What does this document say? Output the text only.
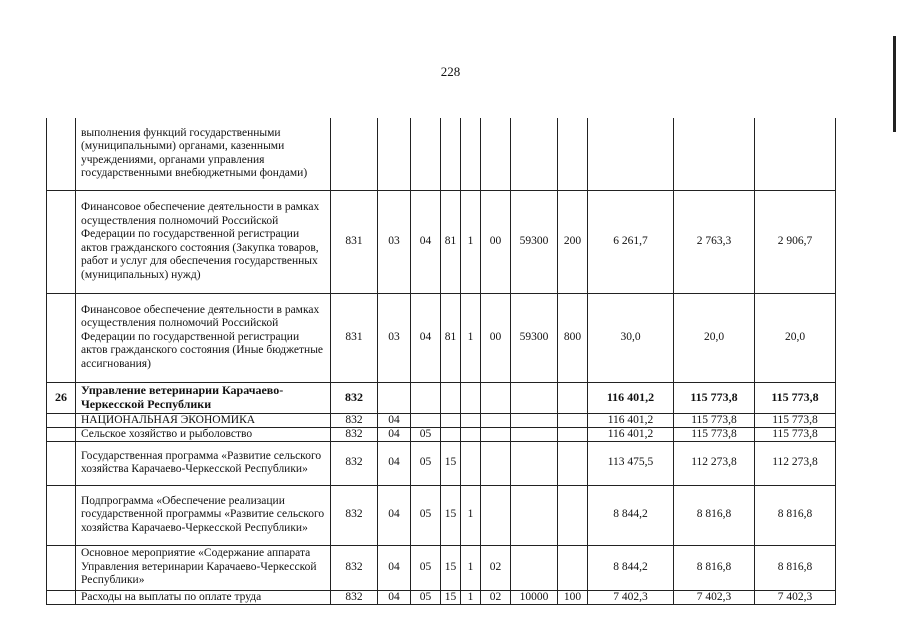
228
	выполнения функций государственными (муниципальными) органами, казенными учреждениями, органами управления государственными внебюджетными фондами)											
	Финансовое обеспечение деятельности в рамках осуществления полномочий Российской Федерации по государственной регистрации актов гражданского состояния (Закупка товаров, работ и услуг для обеспечения государственных (муниципальных) нужд)	831	03	04	81	1	00	59300	200	6 261,7	2 763,3	2 906,7
	Финансовое обеспечение деятельности в рамках осуществления полномочий Российской Федерации по государственной регистрации актов гражданского состояния (Иные бюджетные ассигнования)	831	03	04	81	1	00	59300	800	30,0	20,0	20,0
26	Управление ветеринарии Карачаево-Черкесской Республики	832								116 401,2	115 773,8	115 773,8
	НАЦИОНАЛЬНАЯ ЭКОНОМИКА	832	04							116 401,2	115 773,8	115 773,8
	Сельское хозяйство и рыболовство	832	04	05						116 401,2	115 773,8	115 773,8
	Государственная программа «Развитие сельского хозяйства Карачаево-Черкесской Республики»	832	04	05	15					113 475,5	112 273,8	112 273,8
	Подпрограмма «Обеспечение реализации государственной программы «Развитие сельского хозяйства Карачаево-Черкесской Республики»	832	04	05	15	1				8 844,2	8 816,8	8 816,8
	Основное мероприятие «Содержание аппарата Управления ветеринарии Карачаево-Черкесской Республики»	832	04	05	15	1	02			8 844,2	8 816,8	8 816,8
	Расходы на выплаты по оплате труда	832	04	05	15	1	02	10000	100	7 402,3	7 402,3	7 402,3
